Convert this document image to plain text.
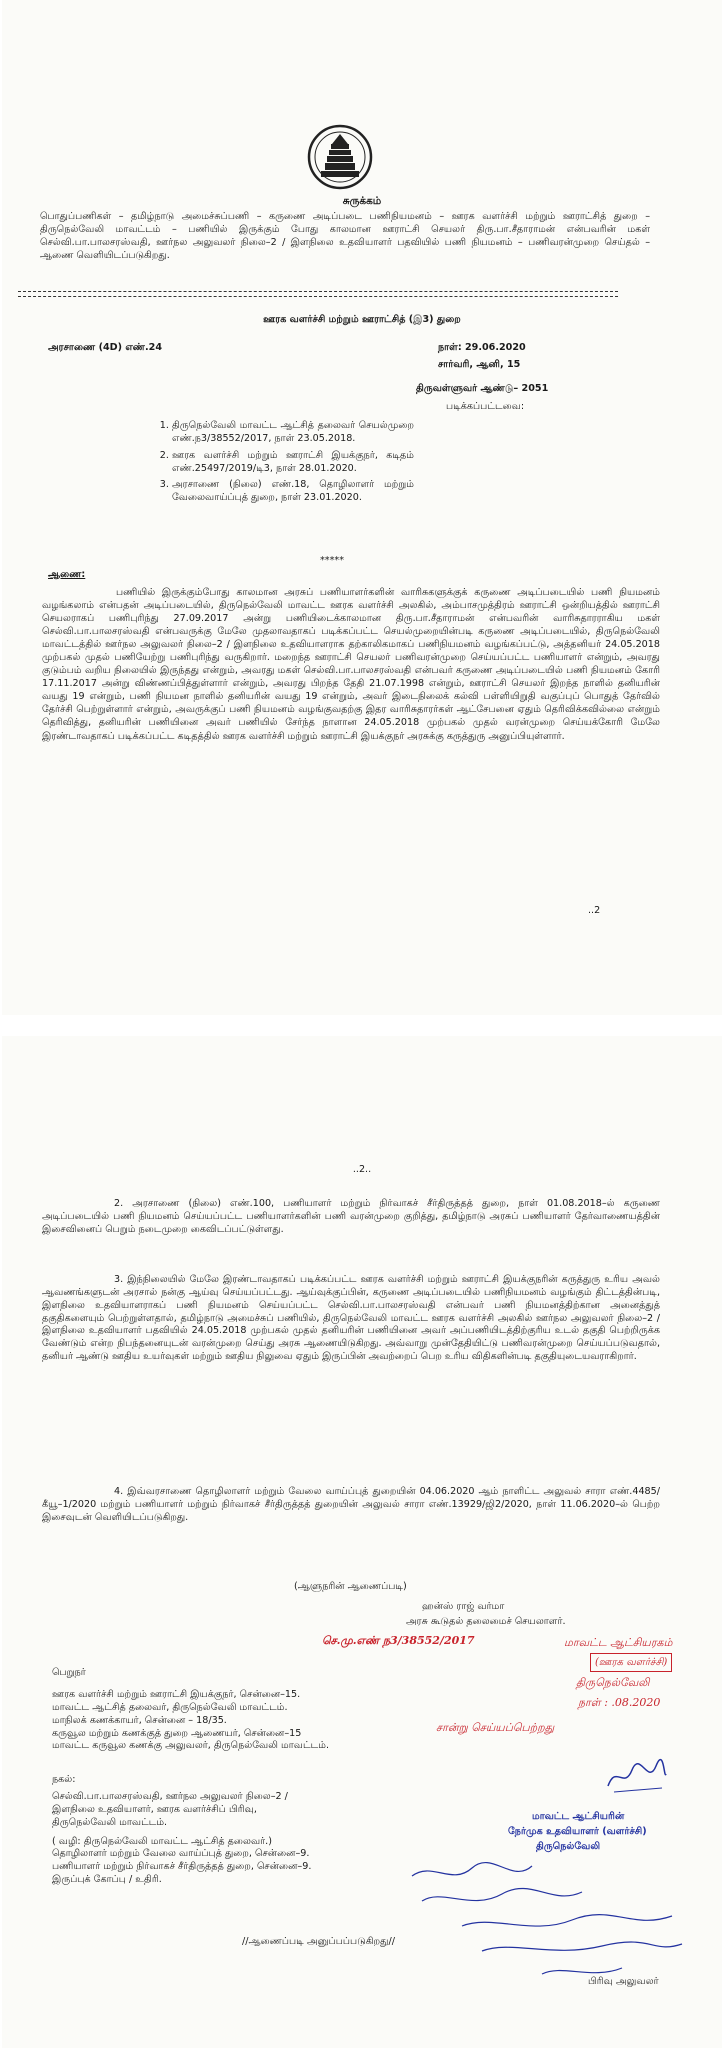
சுருக்கம்
பொதுப்பணிகள் – தமிழ்நாடு அமைச்சுப்பணி – கருணை அடிப்படை பணிநியமனம் – ஊரக வளர்ச்சி மற்றும் ஊராட்சித் துறை – திருநெல்வேலி மாவட்டம் – பணியில் இருக்கும் போது காலமான ஊராட்சி செயலர் திரு.பா.சீதாராமன் என்பவரின் மகள் செல்வி.பா.பாலசரஸ்வதி, ஊர்நல அலுவலர் நிலை–2 / இளநிலை உதவியாளர் பதவியில் பணி நியமனம் – பணிவரன்முறை செய்தல் – ஆணை வெளியிடப்படுகிறது.
ஊரக வளர்ச்சி மற்றும் ஊராட்சித் (இ3) துறை
அரசாணை (4D) எண்.24	நாள்: 29.06.2020
சார்வரி, ஆனி, 15
திருவள்ளுவர் ஆண்டு– 2051
படிக்கப்பட்டவை:
1. திருநெல்வேலி மாவட்ட ஆட்சித் தலைவர் செயல்முறை எண்.ந3/38552/2017, நாள் 23.05.2018.
2. ஊரக வளர்ச்சி மற்றும் ஊராட்சி இயக்குநர், கடிதம் எண்.25497/2019/டி3, நாள் 28.01.2020.
3. அரசாணை (நிலை) எண்.18, தொழிலாளர் மற்றும் வேலைவாய்ப்புத் துறை, நாள் 23.01.2020.
*****
ஆணை:
பணியில் இருக்கும்போது காலமான அரசுப் பணியாளர்களின் வாரிசுகளுக்குக் கருணை அடிப்படையில் பணி நியமனம் வழங்கலாம் என்பதன் அடிப்படையில், திருநெல்வேலி மாவட்ட ஊரக வளர்ச்சி அலகில், அம்பாசமுத்திரம் ஊராட்சி ஒன்றியத்தில் ஊராட்சி செயலராகப் பணிபுரிந்து 27.09.2017 அன்று பணியிடைக்காலமான திரு.பா.சீதாராமன் என்பவரின் வாரிசுதாரராகிய மகள் செல்வி.பா.பாலசரஸ்வதி என்பவருக்கு மேலே முதலாவதாகப் படிக்கப்பட்ட செயல்முறையின்படி கருணை அடிப்படையில், திருநெல்வேலி மாவட்டத்தில் ஊர்நல அலுவலர் நிலை–2 / இளநிலை உதவியாளராக தற்காலிகமாகப் பணிநியமனம் வழங்கப்பட்டு, அத்தனியர் 24.05.2018 முற்பகல் முதல் பணியேற்று பணிபுரிந்து வருகிறார். மறைந்த ஊராட்சி செயலர் பணிவரன்முறை செய்யப்பட்ட பணியாளர் என்றும், அவரது குடும்பம் வறிய நிலையில் இருந்தது என்றும், அவரது மகள் செல்வி.பா.பாலசரஸ்வதி என்பவர் கருணை அடிப்படையில் பணி நியமனம் கோரி 17.11.2017 அன்று விண்ணப்பித்துள்ளார் என்றும், அவரது பிறந்த தேதி 21.07.1998 என்றும், ஊராட்சி செயலர் இறந்த நாளில் தனியரின் வயது 19 என்றும், பணி நியமன நாளில் தனியரின் வயது 19 என்றும், அவர் இடைநிலைக் கல்வி பள்ளியிறுதி வகுப்புப் பொதுத் தேர்வில் தேர்ச்சி பெற்றுள்ளார் என்றும், அவருக்குப் பணி நியமனம் வழங்குவதற்கு இதர வாரிசுதாரர்கள் ஆட்சேபனை ஏதும் தெரிவிக்கவில்லை என்றும் தெரிவித்து, தனியரின் பணியினை அவர் பணியில் சேர்ந்த நாளான 24.05.2018 முற்பகல் முதல் வரன்முறை செய்யக்கோரி மேலே இரண்டாவதாகப் படிக்கப்பட்ட கடிதத்தில் ஊரக வளர்ச்சி மற்றும் ஊராட்சி இயக்குநர் அரசுக்கு கருத்துரு அனுப்பியுள்ளார்.
..2
..2..
2. அரசாணை (நிலை) எண்.100, பணியாளர் மற்றும் நிர்வாகச் சீர்திருத்தத் துறை, நாள் 01.08.2018–ல் கருணை அடிப்படையில் பணி நியமனம் செய்யப்பட்ட பணியாளர்களின் பணி வரன்முறை குறித்து, தமிழ்நாடு அரசுப் பணியாளர் தேர்வாணையத்தின் இசைவினைப் பெறும் நடைமுறை கைவிடப்பட்டுள்ளது.
3. இந்நிலையில் மேலே இரண்டாவதாகப் படிக்கப்பட்ட ஊரக வளர்ச்சி மற்றும் ஊராட்சி இயக்குநரின் கருத்துரு உரிய அவல் ஆவணங்களுடன் அரசால் நன்கு ஆய்வு செய்யப்பட்டது. ஆய்வுக்குப்பின், கருணை அடிப்படையில் பணிநியமனம் வழங்கும் திட்டத்தின்படி, இளநிலை உதவியாளராகப் பணி நியமனம் செய்யப்பட்ட செல்வி.பா.பாலசரஸ்வதி என்பவர் பணி நியமனத்திற்கான அனைத்துத் தகுதிகளையும் பெற்றுள்ளதால், தமிழ்நாடு அமைச்சுப் பணியில், திருநெல்வேலி மாவட்ட ஊரக வளர்ச்சி அலகில் ஊர்நல அலுவலர் நிலை–2 / இளநிலை உதவியாளர் பதவியில் 24.05.2018 முற்பகல் முதல் தனியரின் பணியினை அவர் அப்பணியிடத்திற்குரிய உடல் தகுதி பெற்றிருக்க வேண்டும் என்ற நிபந்தனையுடன் வரன்முறை செய்து அரசு ஆணையிடுகிறது. அவ்வாறு முன்தேதியிட்டு பணிவரன்முறை செய்யப்படுவதால், தனியர் ஆண்டு ஊதிய உயர்வுகள் மற்றும் ஊதிய நிலுவை ஏதும் இருப்பின் அவற்றைப் பெற உரிய விதிகளின்படி தகுதியுடையவராகிறார்.
4. இவ்வரசாணை தொழிலாளர் மற்றும் வேலை வாய்ப்புத் துறையின் 04.06.2020 ஆம் நாளிட்ட அலுவல் சாரா எண்.4485/கீயூ–1/2020 மற்றும் பணியாளர் மற்றும் நிர்வாகச் சீர்திருத்தத் துறையின் அலுவல் சாரா எண்.13929/ஜி2/2020, நாள் 11.06.2020–ல் பெற்ற இசைவுடன் வெளியிடப்படுகிறது.
(ஆளுநரின் ஆணைப்படி)
ஹன்ஸ் ராஜ் வர்மா
அரசு கூடுதல் தலைமைச் செயலாளர்.
செ.மு.எண் ந3/38552/2017	மாவட்ட ஆட்சியரகம்
(ஊரக வளர்ச்சி)
திருநெல்வேலி
நாள் : .08.2020
சான்று செய்யப்பெற்றது
பெறுநர்
ஊரக வளர்ச்சி மற்றும் ஊராட்சி இயக்குநர், சென்னை–15.
மாவட்ட ஆட்சித் தலைவர், திருநெல்வேலி மாவட்டம்.
மாநிலக் கணக்காயர், சென்னை – 18/35.
கருவூல மற்றும் கணக்குத் துறை ஆணையர், சென்னை–15
மாவட்ட கருவூல கணக்கு அலுவலர், திருநெல்வேலி மாவட்டம்.
நகல்:
செல்வி.பா.பாலசரஸ்வதி, ஊர்நல அலுவலர் நிலை–2 /
இளநிலை உதவியாளர், ஊரக வளர்ச்சிப் பிரிவு,
திருநெல்வேலி மாவட்டம்.
( வழி: திருநெல்வேலி மாவட்ட ஆட்சித் தலைவர்.)
தொழிலாளர் மற்றும் வேலை வாய்ப்புத் துறை, சென்னை–9.
பணியாளர் மற்றும் நிர்வாகச் சீர்திருத்தத் துறை, சென்னை–9.
இருப்புக் கோப்பு / உதிரி.
மாவட்ட ஆட்சியரின்
நேர்முக உதவியாளர் (வளர்ச்சி)
திருநெல்வேலி
//ஆணைப்படி அனுப்பப்படுகிறது//
பிரிவு அலுவலர்
